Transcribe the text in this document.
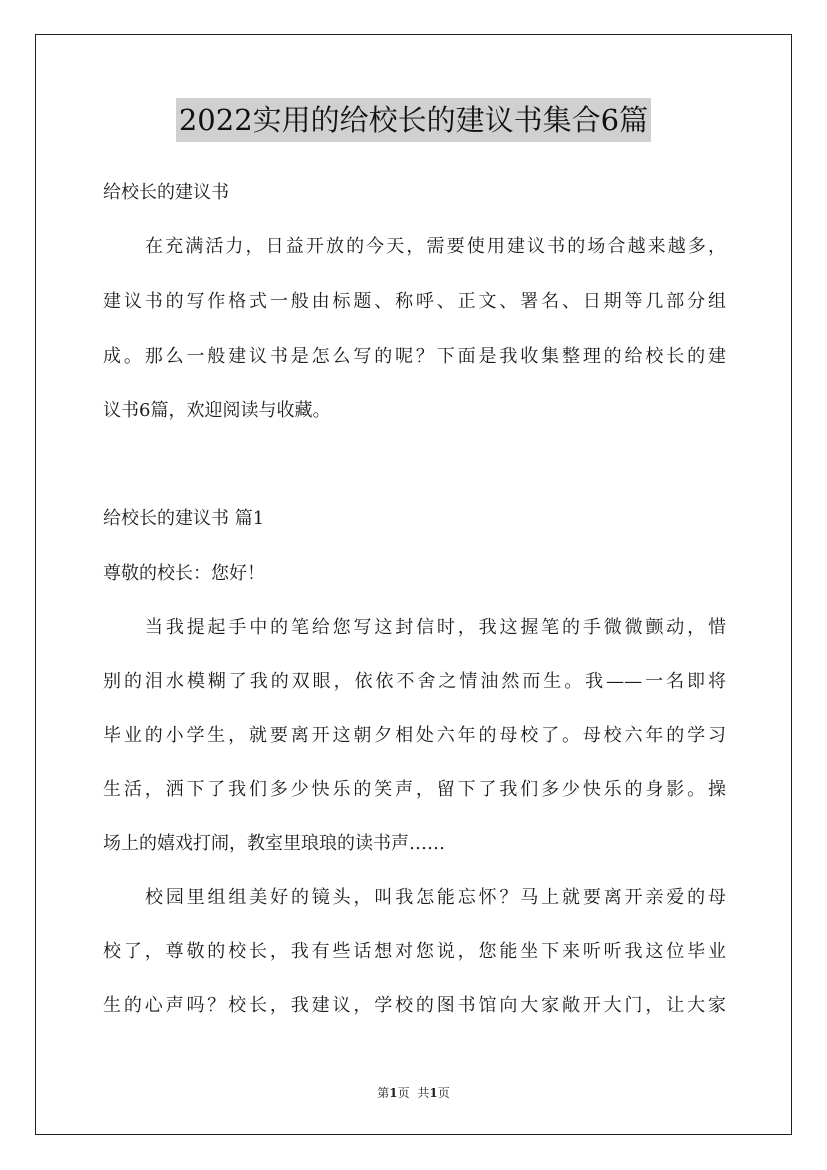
2022实用的给校长的建议书集合6篇
给校长的建议书
在充满活力，日益开放的今天，需要使用建议书的场合越来越多，
建议书的写作格式一般由标题、称呼、正文、署名、日期等几部分组
成。那么一般建议书是怎么写的呢？下面是我收集整理的给校长的建
议书6篇，欢迎阅读与收藏。
给校长的建议书 篇1
尊敬的校长：您好！
当我提起手中的笔给您写这封信时，我这握笔的手微微颤动，惜
别的泪水模糊了我的双眼，依依不舍之情油然而生。我——一名即将
毕业的小学生，就要离开这朝夕相处六年的母校了。母校六年的学习
生活，洒下了我们多少快乐的笑声，留下了我们多少快乐的身影。操
场上的嬉戏打闹，教室里琅琅的读书声……
校园里组组美好的镜头，叫我怎能忘怀？马上就要离开亲爱的母
校了，尊敬的校长，我有些话想对您说，您能坐下来听听我这位毕业
生的心声吗？校长，我建议，学校的图书馆向大家敞开大门，让大家
第1页 共1页
